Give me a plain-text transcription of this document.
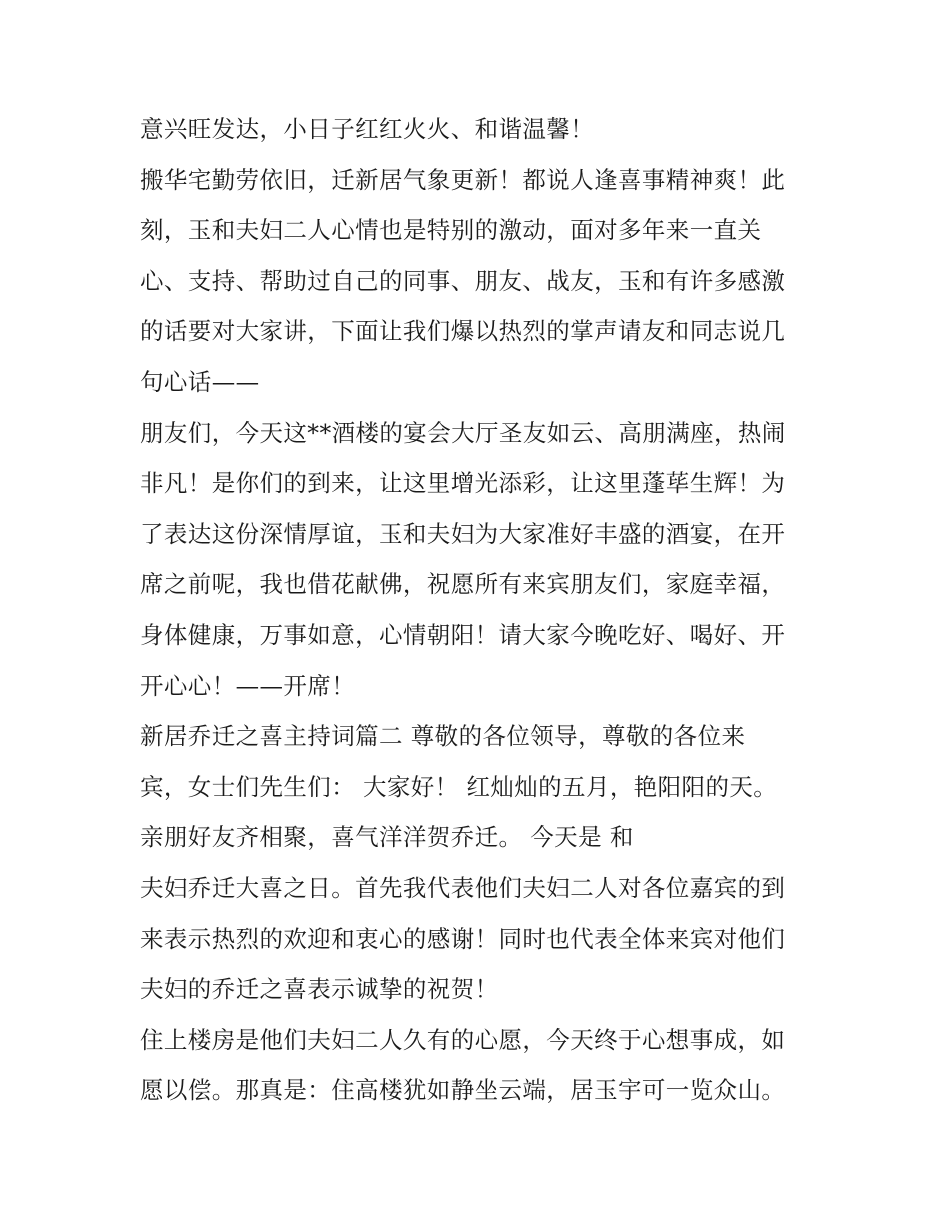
意兴旺发达，小日子红红火火、和谐温馨！
搬华宅勤劳依旧，迁新居气象更新！都说人逢喜事精神爽！此
刻，玉和夫妇二人心情也是特别的激动，面对多年来一直关
心、支持、帮助过自己的同事、朋友、战友，玉和有许多感激
的话要对大家讲，下面让我们爆以热烈的掌声请友和同志说几
句心话——
朋友们，今天这**酒楼的宴会大厅圣友如云、高朋满座，热闹
非凡！是你们的到来，让这里增光添彩，让这里蓬荜生辉！为
了表达这份深情厚谊，玉和夫妇为大家准好丰盛的酒宴，在开
席之前呢，我也借花献佛，祝愿所有来宾朋友们，家庭幸福，
身体健康，万事如意，心情朝阳！请大家今晚吃好、喝好、开
开心心！——开席！
新居乔迁之喜主持词篇二 尊敬的各位领导，尊敬的各位来
宾，女士们先生们： 大家好！ 红灿灿的五月，艳阳阳的天。
亲朋好友齐相聚，喜气洋洋贺乔迁。 今天是 和
夫妇乔迁大喜之日。首先我代表他们夫妇二人对各位嘉宾的到
来表示热烈的欢迎和衷心的感谢！同时也代表全体来宾对他们
夫妇的乔迁之喜表示诚挚的祝贺！
住上楼房是他们夫妇二人久有的心愿，今天终于心想事成，如
愿以偿。那真是：住高楼犹如静坐云端，居玉宇可一览众山。
